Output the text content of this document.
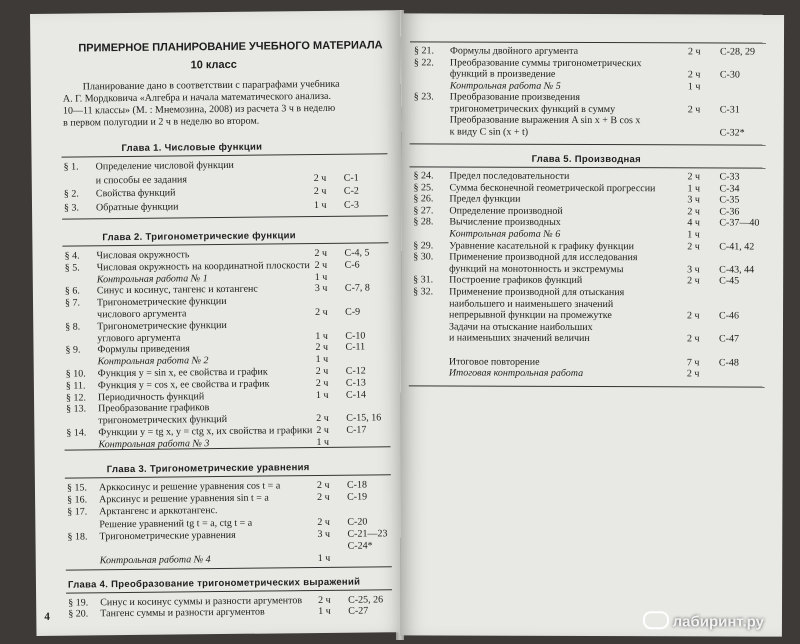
ПРИМЕРНОЕ ПЛАНИРОВАНИЕ УЧЕБНОГО МАТЕРИАЛА
10 класс
Планирование дано в соответствии с параграфами учебника
А. Г. Мордковича «Алгебра и начала математического анализа.
10—11 классы» (М. : Мнемозина, 2008) из расчета 3 ч в неделю
в первом полугодии и 2 ч в неделю во втором.
Глава 1. Числовые функции
Глава 2. Тригонометрические функции
Глава 3. Тригонометрические уравнения
Глава 4. Преобразование тригонометрических выражений
4
§ 1. Определение числовой функции
и способы ее задания	2 ч С-1
§ 2. Свойства функций	2 ч С-2
§ 3. Обратные функции	1 ч С-3
§ 4. Числовая окружность	2 ч С-4, 5
§ 5. Числовая окружность на координатной плоскости 2 ч С-6
Контрольная работа № 1	1 ч
§ 6. Синус и косинус, тангенс и котангенс	3 ч С-7, 8
§ 7. Тригонометрические функции
числового аргумента	2 ч С-9
§ 8. Тригонометрические функции
углового аргумента	1 ч С-10
§ 9. Формулы приведения	2 ч С-11
Контрольная работа № 2	1 ч
§ 10. Функция y = sin x, ее свойства и график	2 ч С-12
§ 11. Функция y = cos x, ее свойства и график	2 ч С-13
§ 12. Периодичность функций	1 ч С-14
§ 13. Преобразование графиков
тригонометрических функций	2 ч С-15, 16
§ 14. Функции y = tg x, y = ctg x, их свойства и графики 2 ч С-17
Контрольная работа № 3	1 ч
§ 15. Арккосинус и решение уравнения cos t = a	2 ч С-18
§ 16. Арксинус и решение уравнения sin t = a	2 ч С-19
§ 17. Арктангенс и арккотангенс.
Решение уравнений tg t = a, ctg t = a	2 ч С-20
§ 18. Тригонометрические уравнения	3 ч С-21—23
С-24*
Контрольная работа № 4	1 ч
§ 19. Синус и косинус суммы и разности аргументов 2 ч С-25, 26
§ 20. Тангенс суммы и разности аргументов	1 ч С-27
Глава 5. Производная
лабиринт.ру
§ 21. Формулы двойного аргумента	2 ч С-28, 29
§ 22. Преобразование суммы тригонометрических
функций в произведение	2 ч С-30
Контрольная работа № 5	1 ч
§ 23. Преобразование произведения
тригонометрических функций в сумму	2 ч С-31
Преобразование выражения A sin x + B cos x
к виду C sin (x + t)	С-32*
§ 24. Предел последовательности	2 ч С-33
§ 25. Сумма бесконечной геометрической прогрессии	1 ч С-34
§ 26. Предел функции	3 ч С-35
§ 27. Определение производной	2 ч С-36
§ 28. Вычисление производных	4 ч С-37—40
Контрольная работа № 6	1 ч
§ 29. Уравнение касательной к графику функции	2 ч С-41, 42
§ 30. Применение производной для исследования
функций на монотонность и экстремумы	3 ч С-43, 44
§ 31. Построение графиков функций	2 ч С-45
§ 32. Применение производной для отыскания
наибольшего и наименьшего значений
непрерывной функции на промежутке	2 ч С-46
Задачи на отыскание наибольших
и наименьших значений величин	2 ч С-47
Итоговое повторение	7 ч С-48
Итоговая контрольная работа	2 ч
